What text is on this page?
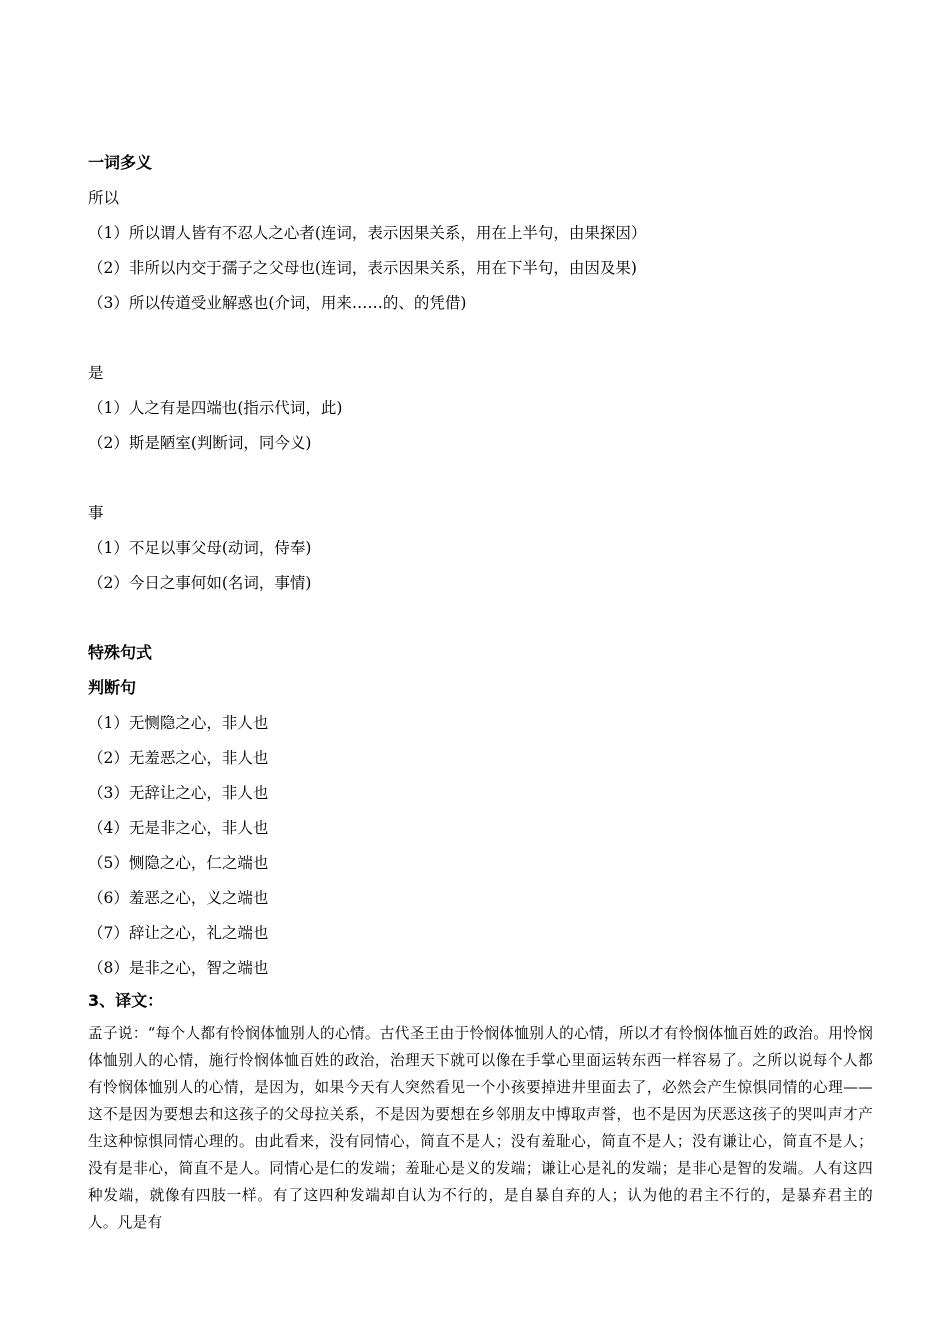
一词多义
所以
（1）所以谓人皆有不忍人之心者(连词，表示因果关系，用在上半句，由果探因）
（2）非所以内交于孺子之父母也(连词，表示因果关系，用在下半句，由因及果)
（3）所以传道受业解惑也(介词，用来……的、的凭借)
是
（1）人之有是四端也(指示代词，此)
（2）斯是陋室(判断词，同今义)
事
（1）不足以事父母(动词，侍奉)
（2）今日之事何如(名词，事情)
特殊句式
判断句
（1）无恻隐之心，非人也
（2）无羞恶之心，非人也
（3）无辞让之心，非人也
（4）无是非之心，非人也
（5）恻隐之心，仁之端也
（6）羞恶之心，义之端也
（7）辞让之心，礼之端也
（8）是非之心，智之端也
3、译文：
孟子说：“每个人都有怜悯体恤别人的心情。古代圣王由于怜悯体恤别人的心情，所以才有怜悯体恤百姓的政治。用怜悯体恤别人的心情，施行怜悯体恤百姓的政治，治理天下就可以像在手掌心里面运转东西一样容易了。之所以说每个人都有怜悯体恤别人的心情，是因为，如果今天有人突然看见一个小孩要掉进井里面去了，必然会产生惊惧同情的心理——这不是因为要想去和这孩子的父母拉关系，不是因为要想在乡邻朋友中博取声誉，也不是因为厌恶这孩子的哭叫声才产生这种惊惧同情心理的。由此看来，没有同情心，简直不是人；没有羞耻心，简直不是人；没有谦让心，简直不是人；没有是非心，简直不是人。同情心是仁的发端；羞耻心是义的发端；谦让心是礼的发端；是非心是智的发端。人有这四种发端，就像有四肢一样。有了这四种发端却自认为不行的，是自暴自弃的人；认为他的君主不行的，是暴弃君主的人。凡是有
